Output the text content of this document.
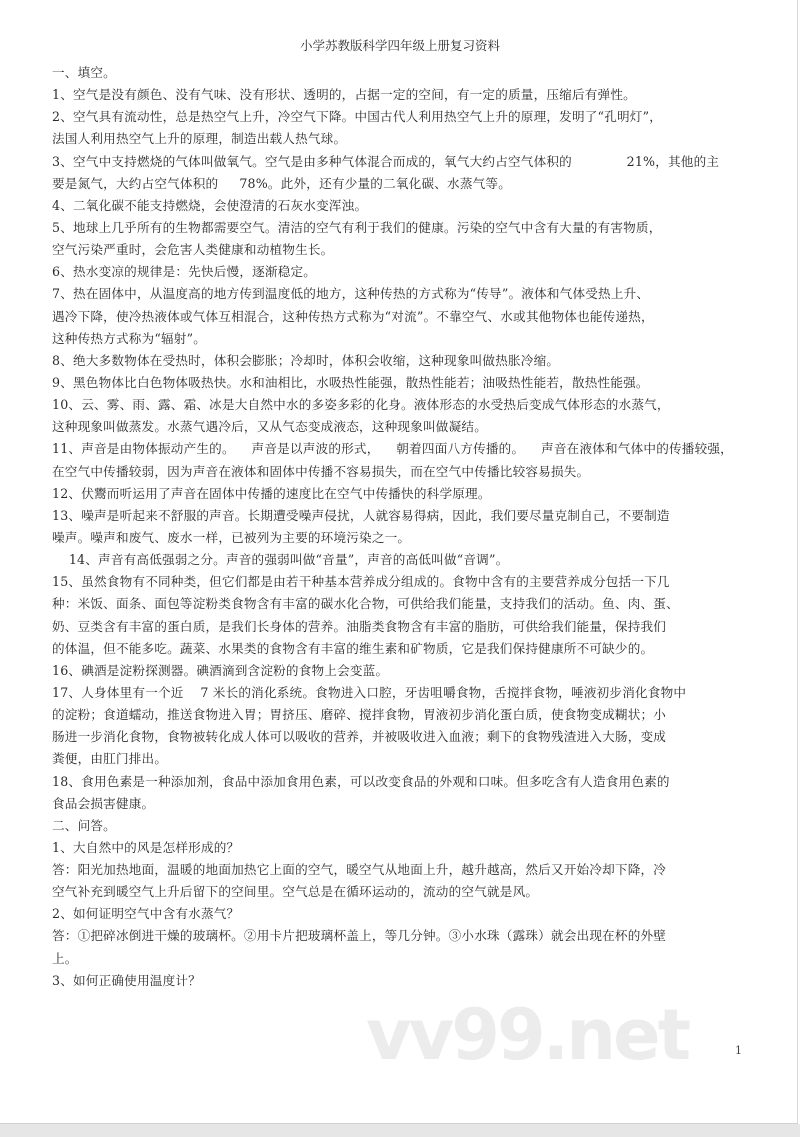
小学苏教版科学四年级上册复习资料
一、填空。
1、空气是没有颜色、没有气味、没有形状、透明的，占据一定的空间，有一定的质量，压缩后有弹性。
2、空气具有流动性，总是热空气上升，冷空气下降。中国古代人利用热空气上升的原理，发明了“孔明灯”，
法国人利用热空气上升的原理，制造出载人热气球。
3、空气中支持燃烧的气体叫做氧气。空气是由多种气体混合而成的，氧气大约占空气体积的             21%，其他的主
要是氮气，大约占空气体积的     78%。此外，还有少量的二氧化碳、水蒸气等。
4、二氧化碳不能支持燃烧，会使澄清的石灰水变浑浊。
5、地球上几乎所有的生物都需要空气。清洁的空气有利于我们的健康。污染的空气中含有大量的有害物质，
空气污染严重时，会危害人类健康和动植物生长。
6、热水变凉的规律是：先快后慢，逐渐稳定。
7、热在固体中，从温度高的地方传到温度低的地方，这种传热的方式称为“传导”。液体和气体受热上升、
遇冷下降，使冷热液体或气体互相混合，这种传热方式称为“对流”。不靠空气、水或其他物体也能传递热，
这种传热方式称为“辐射”。
8、绝大多数物体在受热时，体积会膨胀；冷却时，体积会收缩，这种现象叫做热胀冷缩。
9、黑色物体比白色物体吸热快。水和油相比，水吸热性能强，散热性能若；油吸热性能若，散热性能强。
10、云、雾、雨、露、霜、冰是大自然中水的多姿多彩的化身。液体形态的水受热后变成气体形态的水蒸气，
这种现象叫做蒸发。水蒸气遇冷后，又从气态变成液态，这种现象叫做凝结。
11、声音是由物体振动产生的。    声音是以声波的形式，    朝着四面八方传播的。    声音在液体和气体中的传播较强，
在空气中传播较弱，因为声音在液体和固体中传播不容易损失，而在空气中传播比较容易损失。
12、伏鬻而听运用了声音在固体中传播的速度比在空气中传播快的科学原理。
13、噪声是听起来不舒服的声音。长期遭受噪声侵扰，人就容易得病，因此，我们要尽量克制自己，不要制造
噪声。噪声和废气、废水一样，已被列为主要的环境污染之一。
14、声音有高低强弱之分。声音的强弱叫做“音量”，声音的高低叫做“音调”。
15、虽然食物有不同种类，但它们都是由若干种基本营养成分组成的。食物中含有的主要营养成分包括一下几
种：米饭、面条、面包等淀粉类食物含有丰富的碳水化合物，可供给我们能量，支持我们的活动。鱼、肉、蛋、
奶、豆类含有丰富的蛋白质，是我们长身体的营养。油脂类食物含有丰富的脂肪，可供给我们能量，保持我们
的体温，但不能多吃。蔬菜、水果类的食物含有丰富的维生素和矿物质，它是我们保持健康所不可缺少的。
16、碘酒是淀粉探测器。碘酒滴到含淀粉的食物上会变蓝。
17、人身体里有一个近    7 米长的消化系统。食物进入口腔，牙齿咀嚼食物，舌搅拌食物，唾液初步消化食物中
的淀粉；食道蠕动，推送食物进入胃；胃挤压、磨碎、搅拌食物，胃液初步消化蛋白质，使食物变成糊状；小
肠进一步消化食物，食物被转化成人体可以吸收的营养，并被吸收进入血液；剩下的食物残渣进入大肠，变成
粪便，由肛门排出。
18、食用色素是一种添加剂，食品中添加食用色素，可以改变食品的外观和口味。但多吃含有人造食用色素的
食品会损害健康。
二、问答。
1、大自然中的风是怎样形成的？
答：阳光加热地面，温暖的地面加热它上面的空气，暖空气从地面上升，越升越高，然后又开始冷却下降，冷
空气补充到暖空气上升后留下的空间里。空气总是在循环运动的，流动的空气就是风。
2、如何证明空气中含有水蒸气？
答：①把碎冰倒进干燥的玻璃杯。②用卡片把玻璃杯盖上，等几分钟。③小水珠（露珠）就会出现在杯的外壁
上。
3、如何正确使用温度计？
vv99.net	1
